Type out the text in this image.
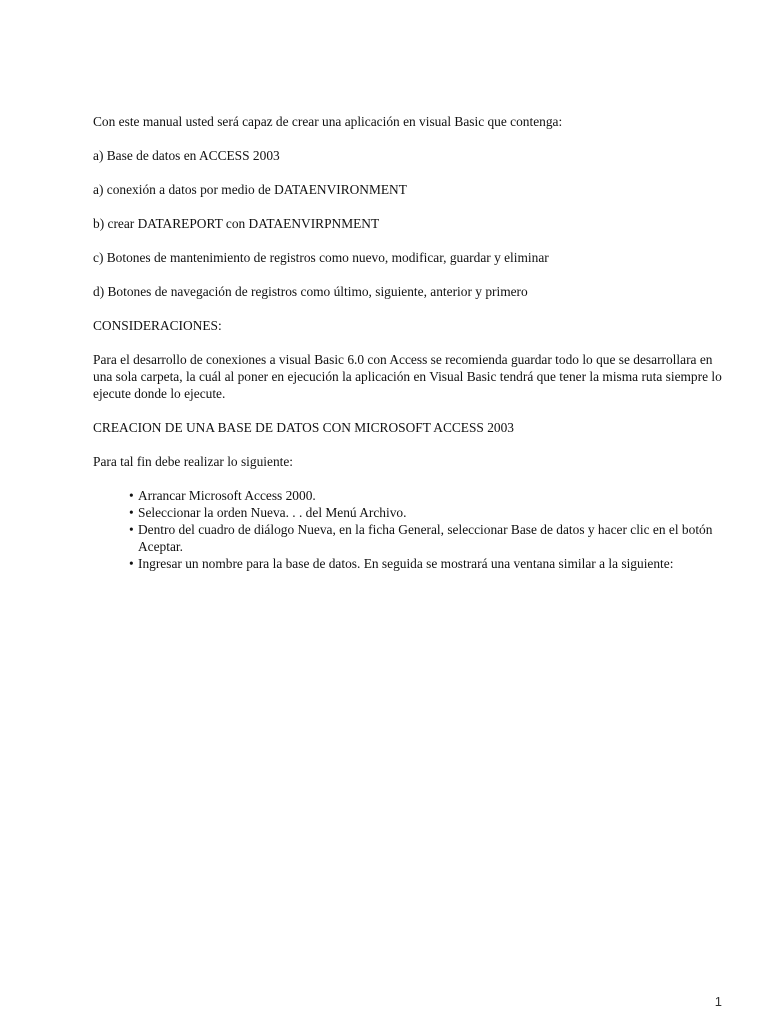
Con este manual usted será capaz de crear una aplicación en visual Basic que contenga:

a) Base de datos en ACCESS 2003

a) conexión a datos por medio de DATAENVIRONMENT

b) crear DATAREPORT con DATAENVIRPNMENT

c) Botones de mantenimiento de registros como nuevo, modificar, guardar y eliminar

d) Botones de navegación de registros como último, siguiente, anterior y primero

CONSIDERACIONES:

Para el desarrollo de conexiones a visual Basic 6.0 con Access se recomienda guardar todo lo que se desarrollara en una sola carpeta, la cuál al poner en ejecución la aplicación en Visual Basic tendrá que tener la misma ruta siempre lo ejecute donde lo ejecute.

CREACION DE UNA BASE DE DATOS CON MICROSOFT ACCESS 2003

Para tal fin debe realizar lo siguiente:

• Arrancar Microsoft Access 2000.
• Seleccionar la orden Nueva. . . del Menú Archivo.
• Dentro del cuadro de diálogo Nueva, en la ficha General, seleccionar Base de datos y hacer clic en el botón Aceptar.
• Ingresar un nombre para la base de datos. En seguida se mostrará una ventana similar a la siguiente:
1
